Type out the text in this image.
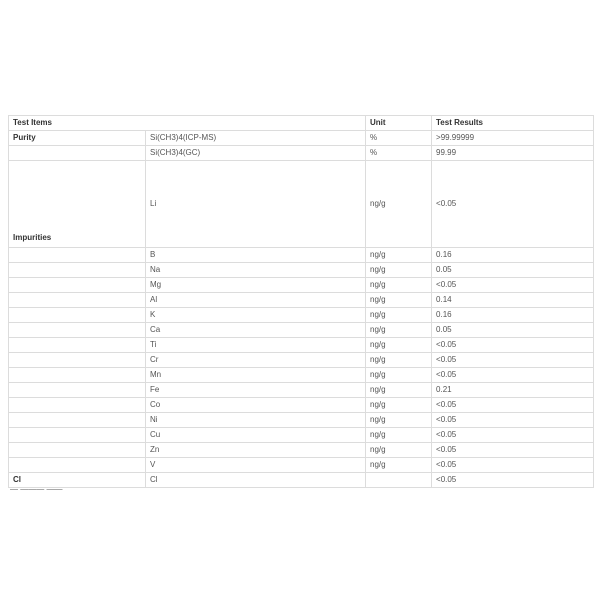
Test Items		Unit	Test Results
Purity	Si(CH3)4(ICP-MS)	%	>99.99999
	Si(CH3)4(GC)	%	99.99
Impurities	Li	ng/g	<0.05
	B	ng/g	0.16
	Na	ng/g	0.05
	Mg	ng/g	<0.05
	Al	ng/g	0.14
	K	ng/g	0.16
	Ca	ng/g	0.05
	Ti	ng/g	<0.05
	Cr	ng/g	<0.05
	Mn	ng/g	<0.05
	Fe	ng/g	0.21
	Co	ng/g	<0.05
	Ni	ng/g	<0.05
	Cu	ng/g	<0.05
	Zn	ng/g	<0.05
	V	ng/g	<0.05
Cl	Cl		<0.05
— ——— ——
